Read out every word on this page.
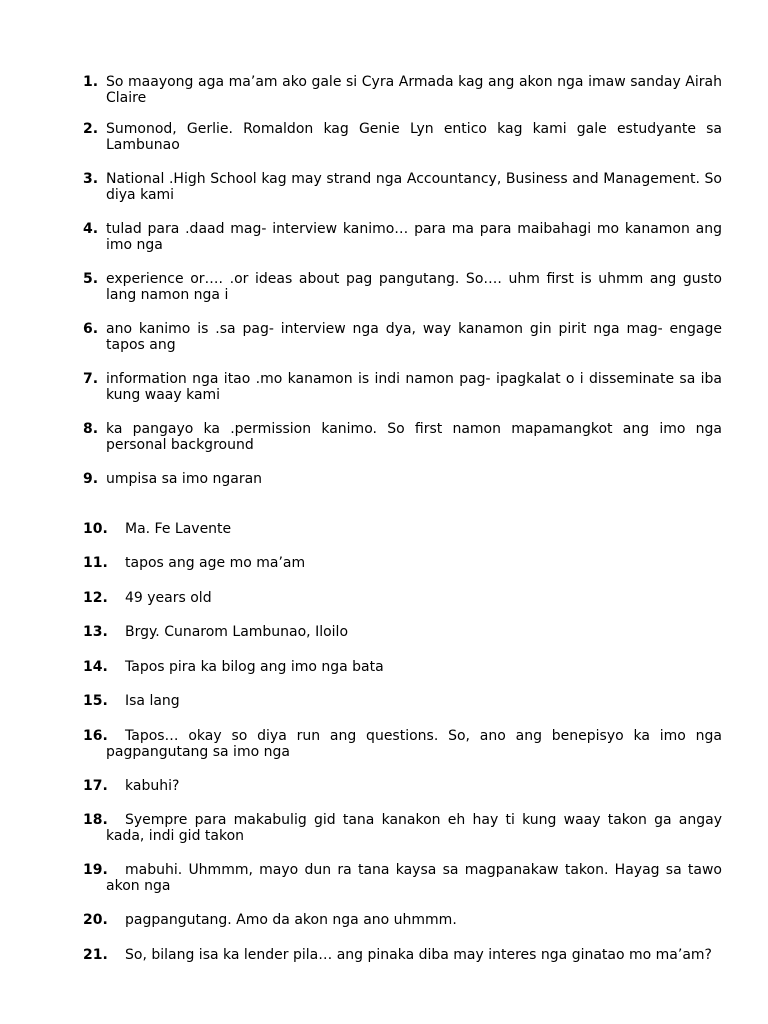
1. So maayong aga ma’am ako gale si Cyra Armada kag ang akon nga imaw sanday Airah Claire
2. Sumonod, Gerlie. Romaldon kag Genie Lyn entico kag kami gale estudyante sa Lambunao
3. National .High School kag may strand nga Accountancy, Business and Management. So diya kami
4. tulad para .daad mag- interview kanimo… para ma para maibahagi mo kanamon ang imo nga
5. experience or…. .or ideas about pag pangutang. So…. uhm first is uhmm ang gusto lang namon nga i
6. ano kanimo is .sa pag- interview nga dya, way kanamon gin pirit nga mag- engage tapos ang
7. information nga itao .mo kanamon is indi namon pag- ipagkalat o i disseminate sa iba kung waay kami
8. ka pangayo ka .permission kanimo. So first namon mapamangkot ang imo nga personal background
9. umpisa sa imo ngaran
10.	Ma. Fe Lavente
11.	tapos ang age mo ma’am
12.	49 years old
13.	Brgy. Cunarom Lambunao, Iloilo
14.	Tapos pira ka bilog ang imo nga bata
15.	Isa lang
16.	Tapos… okay so diya run ang questions. So, ano ang benepisyo ka imo nga pagpangutang sa imo nga
17.	kabuhi?
18.	Syempre para makabulig gid tana kanakon eh hay ti kung waay takon ga angay kada, indi gid takon
19.	mabuhi. Uhmmm, mayo dun ra tana kaysa sa magpanakaw takon. Hayag sa tawo akon nga
20.	pagpangutang. Amo da akon nga ano uhmmm.
21.	So, bilang isa ka lender pila… ang pinaka diba may interes nga ginatao mo ma’am?
